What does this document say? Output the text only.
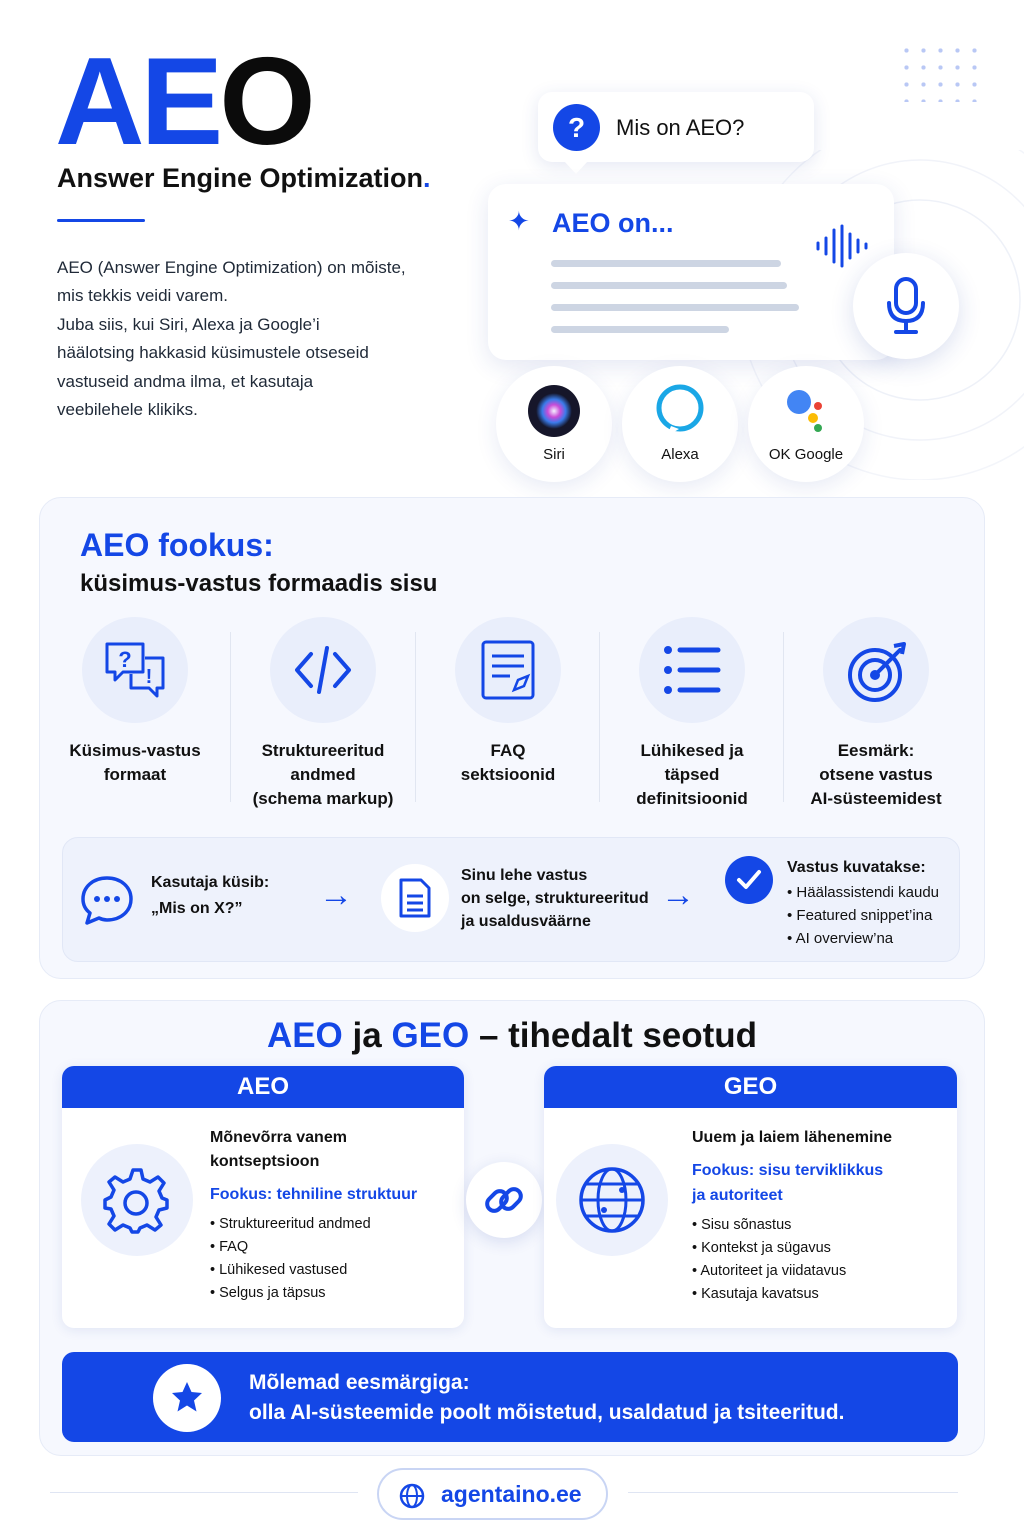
AEO
Answer Engine Optimization.

AEO (Answer Engine Optimization) on mõiste,

mis tekkis veidi varem.

Juba siis, kui Siri, Alexa ja Google’i

häälotsing hakkasid küsimustele otseseid

vastuseid andma ilma, et kasutaja

veebilehele klikiks.

?	Mis on AEO?
✦ AEO on...
Siri	Alexa	OK Google
AEO fookus:
küsimus-vastus formaadis sisu
?
!
Küsimus-vastus
formaat
Struktureeritud
andmed
(schema markup)
FAQ
sektsioonid
Lühikesed ja
täpsed
definitsioonid
Eesmärk:
otsene vastus
AI-süsteemidest
Kasutaja küsib:
„Mis on X?”	→
Sinu lehe vastus
on selge, struktureeritud
ja usaldusväärne
→
Vastus kuvatakse:
• Häälassistendi kaudu
• Featured snippet’ina
• AI overview’na
AEO ja GEO – tihedalt seotud
AEO
Mõnevõrra vanem
kontseptsioon
Fookus: tehniline struktuur
• Struktureeritud andmed
• FAQ
• Lühikesed vastused
• Selgus ja täpsus
GEO
Uuem ja laiem lähenemine
Fookus: sisu terviklikkus
ja autoriteet
• Sisu sõnastus
• Kontekst ja sügavus
• Autoriteet ja viidatavus
• Kasutaja kavatsus
Mõlemad eesmärgiga:
olla AI-süsteemide poolt mõistetud, usaldatud ja tsiteeritud.
agentaino.ee
